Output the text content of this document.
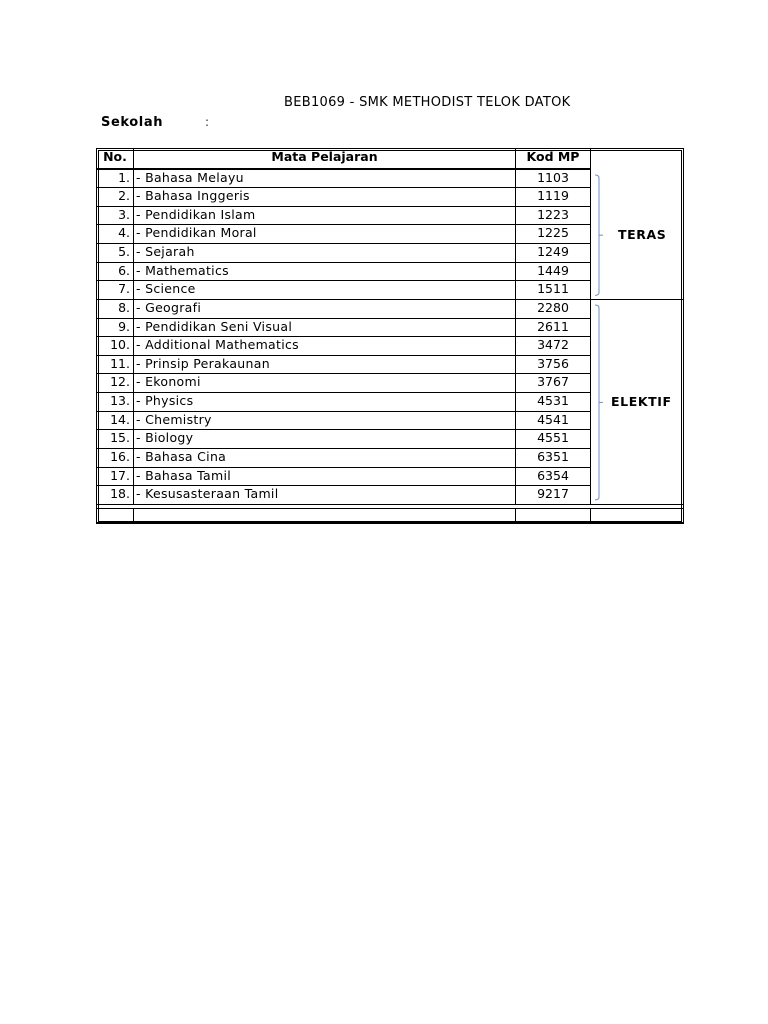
BEB1069 - SMK METHODIST TELOK DATOK
Sekolah	:
No.	Mata Pelajaran	Kod MP
1. - Bahasa Melayu	1103
2. - Bahasa Inggeris	1119
3. - Pendidikan Islam	1223
4. - Pendidikan Moral	1225
5. - Sejarah	1249
6. - Mathematics	1449
7. - Science	1511
8. - Geografi	2280
9. - Pendidikan Seni Visual	2611
10. - Additional Mathematics	3472
11. - Prinsip Perakaunan	3756
12. - Ekonomi	3767
13. - Physics	4531
14. - Chemistry	4541
15. - Biology	4551
16. - Bahasa Cina	6351
17. - Bahasa Tamil	6354
18. - Kesusasteraan Tamil	9217
TERAS
ELEKTIF
